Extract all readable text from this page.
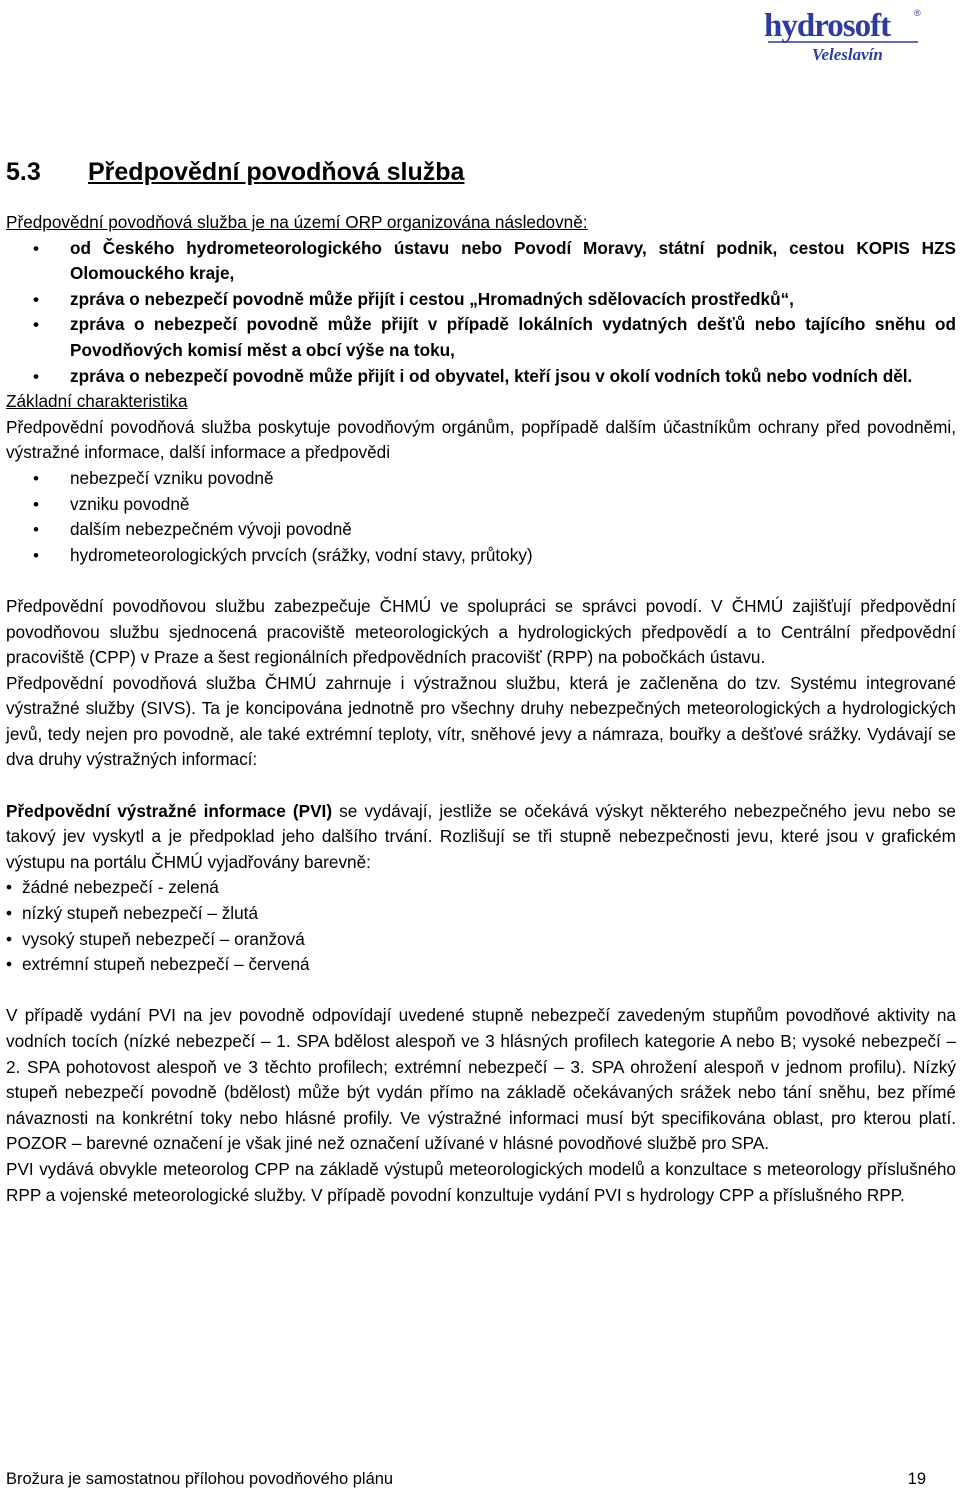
hydrosoft	®
Veleslavín
5.3 Předpovědní povodňová služba

Předpovědní povodňová služba je na území ORP organizována následovně:

• od Českého hydrometeorologického ústavu nebo Povodí Moravy, státní podnik, cestou KOPIS HZS Olomouckého kraje,
• zpráva o nebezpečí povodně může přijít i cestou „Hromadných sdělovacích prostředků“,
• zpráva o nebezpečí povodně může přijít v případě lokálních vydatných dešťů nebo tajícího sněhu od Povodňových komisí měst a obcí výše na toku,
• zpráva o nebezpečí povodně může přijít i od obyvatel, kteří jsou v okolí vodních toků nebo vodních děl.

Základní charakteristika

Předpovědní povodňová služba poskytuje povodňovým orgánům, popřípadě dalším účastníkům ochrany před povodněmi, výstražné informace, další informace a předpovědi

• nebezpečí vzniku povodně
• vzniku povodně
• dalším nebezpečném vývoji povodně
• hydrometeorologických prvcích (srážky, vodní stavy, průtoky)

Předpovědní povodňovou službu zabezpečuje ČHMÚ ve spolupráci se správci povodí. V ČHMÚ zajišťují předpovědní povodňovou službu sjednocená pracoviště meteorologických a hydrologických předpovědí a to Centrální předpovědní pracoviště (CPP) v Praze a šest regionálních předpovědních pracovišť (RPP) na pobočkách ústavu.

Předpovědní povodňová služba ČHMÚ zahrnuje i výstražnou službu, která je začleněna do tzv. Systému integrované výstražné služby (SIVS). Ta je koncipována jednotně pro všechny druhy nebezpečných meteorologických a hydrologických jevů, tedy nejen pro povodně, ale také extrémní teploty, vítr, sněhové jevy a námraza, bouřky a dešťové srážky. Vydávají se dva druhy výstražných informací:

Předpovědní výstražné informace (PVI) se vydávají, jestliže se očekává výskyt některého nebezpečného jevu nebo se takový jev vyskytl a je předpoklad jeho dalšího trvání. Rozlišují se tři stupně nebezpečnosti jevu, které jsou v grafickém výstupu na portálu ČHMÚ vyjadřovány barevně:

• žádné nebezpečí - zelená
• nízký stupeň nebezpečí – žlutá
• vysoký stupeň nebezpečí – oranžová
• extrémní stupeň nebezpečí – červená

V případě vydání PVI na jev povodně odpovídají uvedené stupně nebezpečí zavedeným stupňům povodňové aktivity na vodních tocích (nízké nebezpečí – 1. SPA bdělost alespoň ve 3 hlásných profilech kategorie A nebo B; vysoké nebezpečí – 2. SPA pohotovost alespoň ve 3 těchto profilech; extrémní nebezpečí – 3. SPA ohrožení alespoň v jednom profilu). Nízký stupeň nebezpečí povodně (bdělost) může být vydán přímo na základě očekávaných srážek nebo tání sněhu, bez přímé návaznosti na konkrétní toky nebo hlásné profily. Ve výstražné informaci musí být specifikována oblast, pro kterou platí. POZOR – barevné označení je však jiné než označení užívané v hlásné povodňové službě pro SPA.

PVI vydává obvykle meteorolog CPP na základě výstupů meteorologických modelů a konzultace s meteorology příslušného RPP a vojenské meteorologické služby. V případě povodní konzultuje vydání PVI s hydrology CPP a příslušného RPP.

Brožura je samostatnou přílohou povodňového plánu	19
